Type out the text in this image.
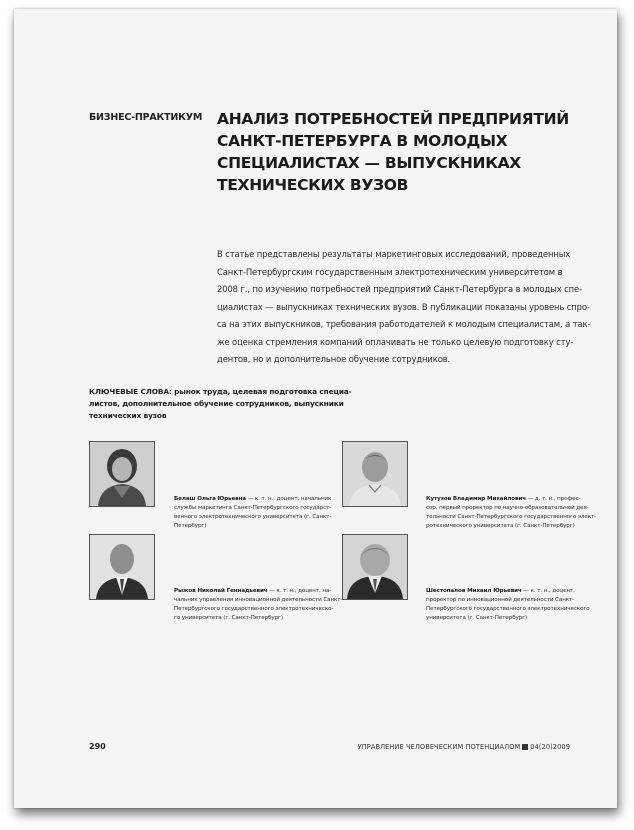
БИЗНЕС-ПРАКТИКУМ АНАЛИЗ ПОТРЕБНОСТЕЙ ПРЕДПРИЯТИЙ
САНКТ-ПЕТЕРБУРГА В МОЛОДЫХ
СПЕЦИАЛИСТАХ — ВЫПУСКНИКАХ
ТЕХНИЧЕСКИХ ВУЗОВ
В статье представлены результаты маркетинговых исследований, проведенных
Санкт-Петербургским государственным электротехническим университетом в
2008 г., по изучению потребностей предприятий Санкт-Петербурга в молодых спе-
циалистах — выпускниках технических вузов. В публикации показаны уровень спро-
са на этих выпускников, требования работодателей к молодым специалистам, а так-
же оценка стремления компаний оплачивать не только целевую подготовку сту-
дентов, но и дополнительное обучение сотрудников.
КЛЮЧЕВЫЕ СЛОВА: рынок труда, целевая подготовка специа-
листов, дополнительное обучение сотрудников, выпускники
технических вузов
Белаш Ольга Юрьевна — к. т. н., доцент, начальник
службы маркетинга Санкт-Петербургского государст-
венного электротехнического университета (г. Санкт-
Петербург)
Кутузов Владимир Михайлович — д. т. н., профес-
сор, первый проректор по научно-образовательной дея-
тельности Санкт-Петербургского государственного элект-
ротехнического университета (г. Санкт-Петербург)
Рыжов Николай Геннадьевич — к. т. н., доцент, на-
чальник управления инновационной деятельности Санкт-
Петербургского государственного электротехническо-
го университета (г. Санкт-Петербург)
Шестопалов Михаил Юрьевич — к. т. н., доцент,
проректор по инновационной деятельности Санкт-
Петербургского государственного электротехнического
университета (г. Санкт-Петербург)
290	УПРАВЛЕНИЕ ЧЕЛОВЕЧЕСКИМ ПОТЕНЦИАЛОМ 04(20)2009
